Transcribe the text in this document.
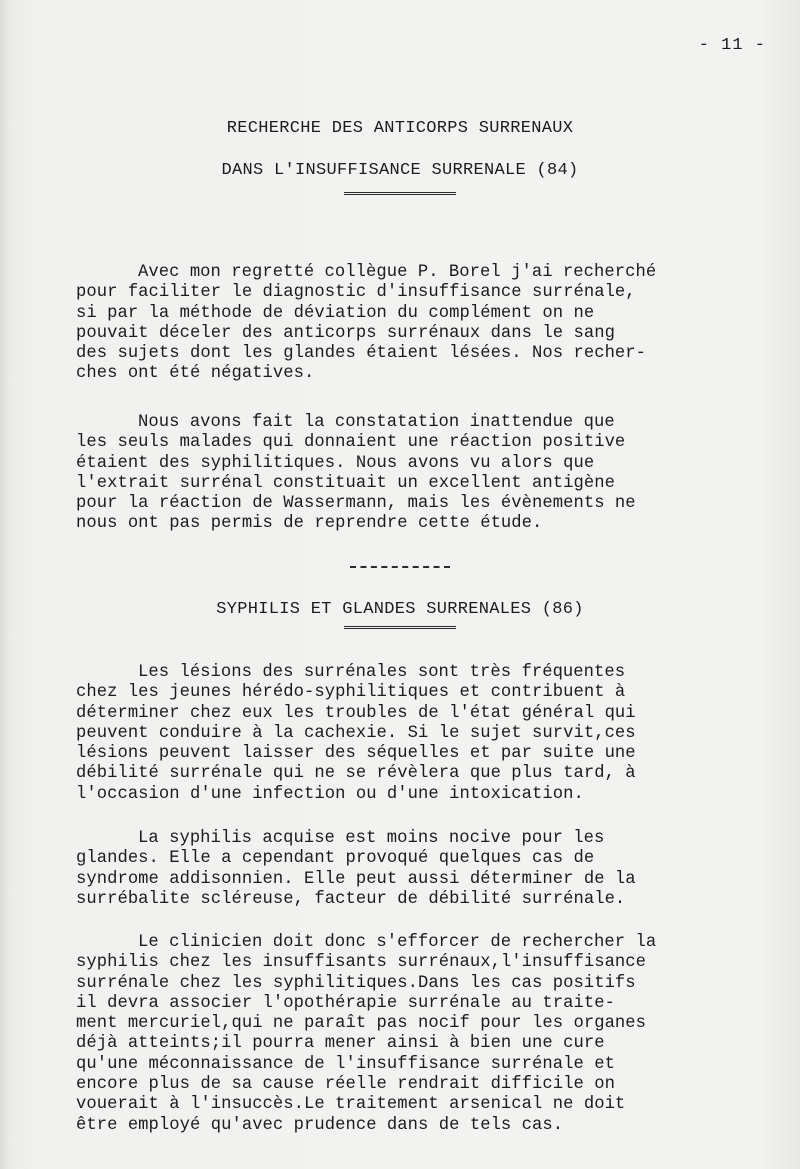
- 11 -
RECHERCHE DES ANTICORPS SURRENAUX
DANS L'INSUFFISANCE SURRENALE (84)
Avec mon regretté collègue P. Borel j'ai recherché
pour faciliter le diagnostic d'insuffisance surrénale,
si par la méthode de déviation du complément on ne
pouvait déceler des anticorps surrénaux dans le sang
des sujets dont les glandes étaient lésées. Nos recher-
ches ont été négatives.
Nous avons fait la constatation inattendue que
les seuls malades qui donnaient une réaction positive
étaient des syphilitiques. Nous avons vu alors que
l'extrait surrénal constituait un excellent antigène
pour la réaction de Wassermann, mais les évènements ne
nous ont pas permis de reprendre cette étude.
SYPHILIS ET GLANDES SURRENALES (86)
Les lésions des surrénales sont très fréquentes
chez les jeunes hérédo-syphilitiques et contribuent à
déterminer chez eux les troubles de l'état général qui
peuvent conduire à la cachexie. Si le sujet survit,ces
lésions peuvent laisser des séquelles et par suite une
débilité surrénale qui ne se révèlera que plus tard, à
l'occasion d'une infection ou d'une intoxication.
La syphilis acquise est moins nocive pour les
glandes. Elle a cependant provoqué quelques cas de
syndrome addisonnien. Elle peut aussi déterminer de la
surrébalite scléreuse, facteur de débilité surrénale.
Le clinicien doit donc s'efforcer de rechercher la
syphilis chez les insuffisants surrénaux,l'insuffisance
surrénale chez les syphilitiques.Dans les cas positifs
il devra associer l'opothérapie surrénale au traite-
ment mercuriel,qui ne paraît pas nocif pour les organes
déjà atteints;il pourra mener ainsi à bien une cure
qu'une méconnaissance de l'insuffisance surrénale et
encore plus de sa cause réelle rendrait difficile on
vouerait à l'insuccès.Le traitement arsenical ne doit
être employé qu'avec prudence dans de tels cas.
